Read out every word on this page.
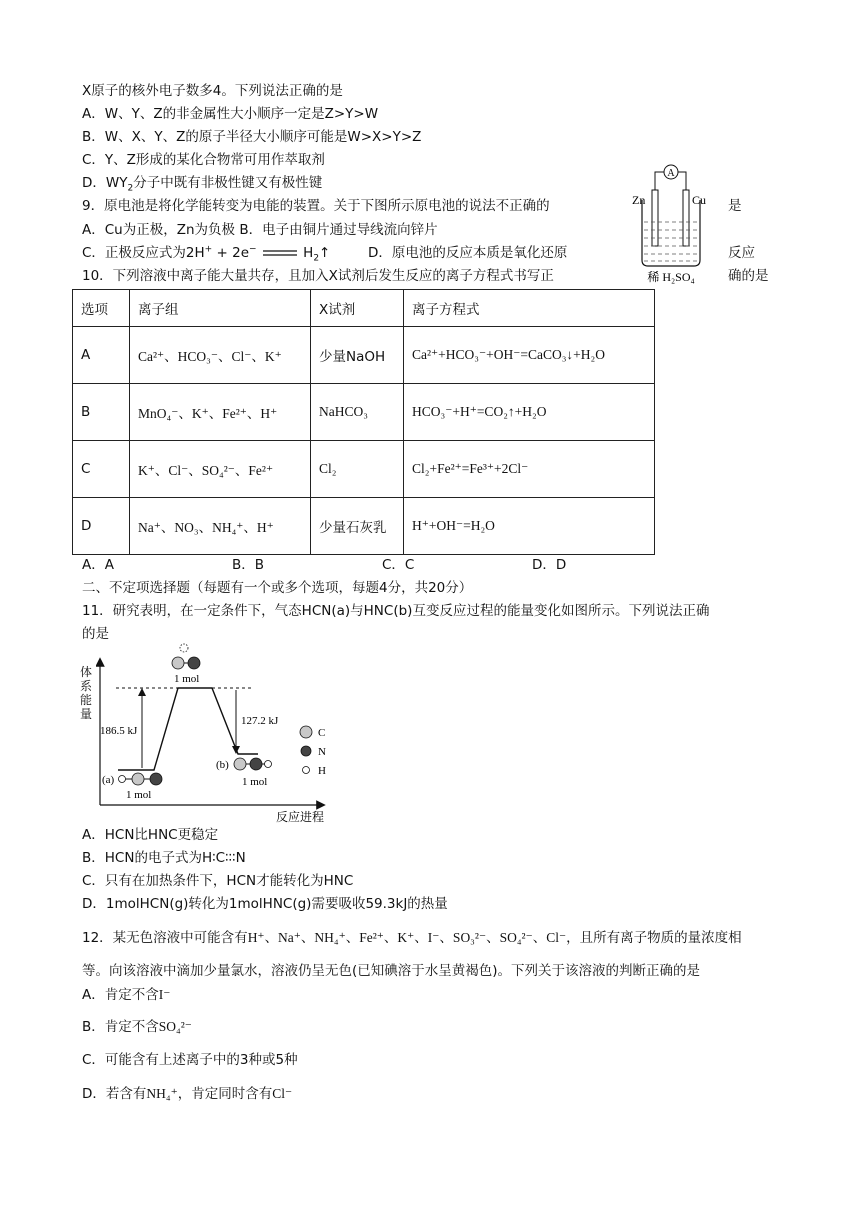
X原子的核外电子数多4。下列说法正确的是
A．W、Y、Z的非金属性大小顺序一定是Z>Y>W
B．W、X、Y、Z的原子半径大小顺序可能是W>X>Y>Z
C．Y、Z形成的某化合物常可用作萃取剂
D．$WY_2$分子中既有非极性键又有极性键
9．原电池是将化学能转变为电能的装置。关于下图所示原电池的说法不正确的	是
A．Cu为正极，Zn为负极 B．电子由铜片通过导线流向锌片
C．正极反应式为2H+ + 2e−	$H_2↑$	D．原电池的反应本质是氧化还原	反应
A
Zn	Cu
稀 H₂SO₄
10．下列溶液中离子能大量共存，且加入X试剂后发生反应的离子方程式书写正	确的是
选项	离子组	X试剂	离子方程式
A	Ca²⁺、HCO₃⁻、Cl⁻、K⁺	少量NaOH	Ca²⁺+HCO₃⁻+OH⁻=CaCO₃↓+H₂O
B	MnO₄⁻、K⁺、Fe²⁺、H⁺	NaHCO₃	HCO₃⁻+H⁺=CO₂↑+H₂O
C	K⁺、Cl⁻、SO₄²⁻、Fe²⁺	Cl₂	Cl₂+Fe²⁺=Fe³⁺+2Cl⁻
D	Na⁺、NO₃、NH₄⁺、H⁺	少量石灰乳	H⁺+OH⁻=H₂O
A．A	B．B	C．C	D．D
二、不定项选择题（每题有一个或多个选项，每题4分，共20分）
11．研究表明，在一定条件下，气态HCN(a)与HNC(b)互变反应过程的能量变化如图所示。下列说法正确
的是
体系能量
反应进程
186.5 kJ
127.2 kJ
1 mol
(a)
1 mol
(b)
1 mol
C
N
H
A．HCN比HNC更稳定
B．HCN的电子式为H∶C∶∶∶N
C．只有在加热条件下，HCN才能转化为HNC
D．1molHCN(g)转化为1molHNC(g)需要吸收59.3kJ的热量
12．某无色溶液中可能含有H⁺、Na⁺、NH₄⁺、Fe²⁺、K⁺、I⁻、SO₃²⁻、SO₄²⁻、Cl⁻，且所有离子物质的量浓度相
等。向该溶液中滴加少量氯水，溶液仍呈无色(已知碘溶于水呈黄褐色)。下列关于该溶液的判断正确的是
A．肯定不含I⁻
B．肯定不含SO₄²⁻
C．可能含有上述离子中的3种或5种
D．若含有NH₄⁺，肯定同时含有Cl⁻
